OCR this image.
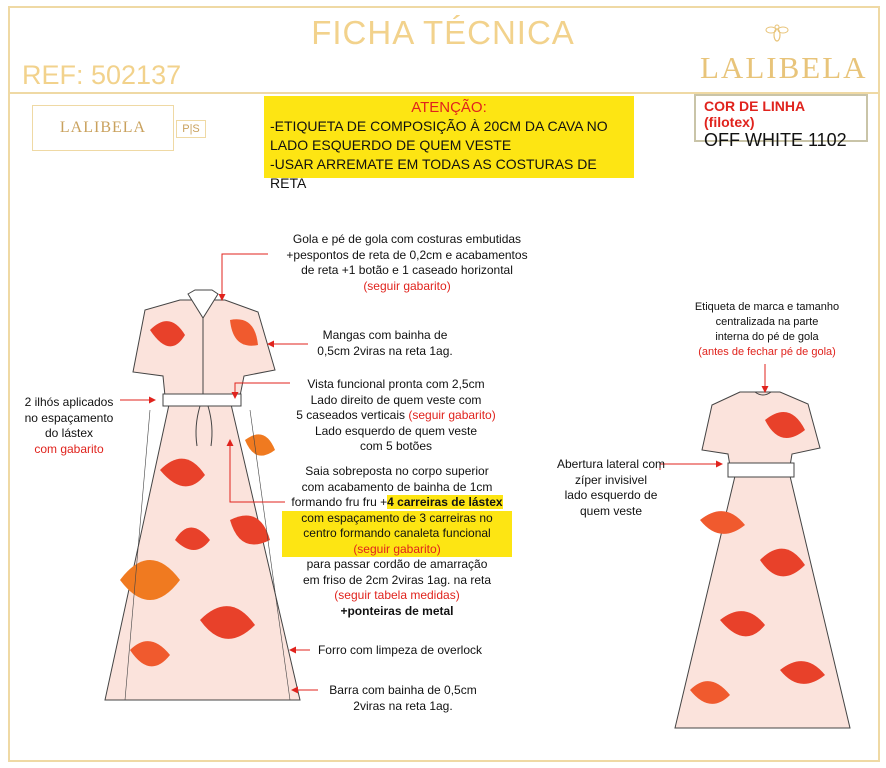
FICHA TÉCNICA
REF: 502137	LALIBELA
LALIBELA	P|S
ATENÇÃO:
-ETIQUETA DE COMPOSIÇÃO À 20CM DA CAVA NO
LADO ESQUERDO DE QUEM VESTE
-USAR ARREMATE EM TODAS AS COSTURAS DE RETA
COR DE LINHA (filotex)
OFF WHITE 1102
Gola e pé de gola com costuras embutidas
+pespontos de reta de 0,2cm e acabamentos
de reta +1 botão e 1 caseado horizontal
(seguir gabarito)
Mangas com bainha de
0,5cm 2viras na reta 1ag.
Vista funcional pronta com 2,5cm
Lado direito de quem veste com
5 caseados verticais (seguir gabarito)
Lado esquerdo de quem veste
com 5 botões
2 ilhós aplicados
no espaçamento
do lástex
com gabarito
Saia sobreposta no corpo superior
com acabamento de bainha de 1cm
formando fru fru +4 carreiras de lástex
com espaçamento de 3 carreiras no
centro formando canaleta funcional
(seguir gabarito)
para passar cordão de amarração
em friso de 2cm 2viras 1ag. na reta
(seguir tabela medidas)
+ponteiras de metal
Forro com limpeza de overlock
Barra com bainha de 0,5cm
2viras na reta 1ag.
Etiqueta de marca e tamanho
centralizada na parte
interna do pé de gola
(antes de fechar pé de gola)
Abertura lateral com
zíper invisivel
lado esquerdo de
quem veste
